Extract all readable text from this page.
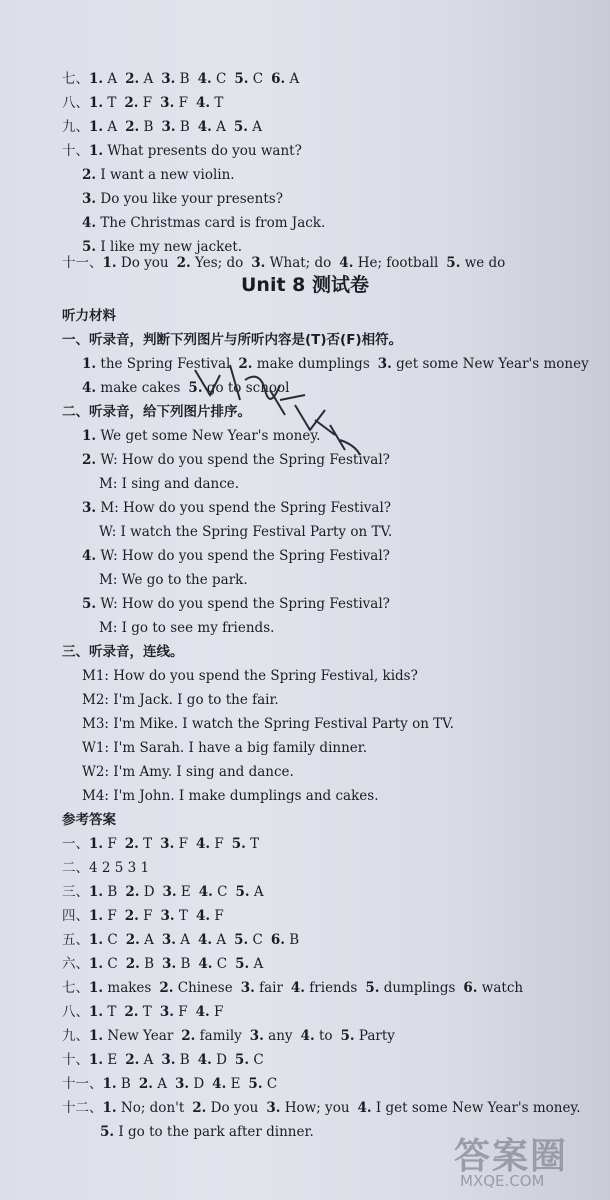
七、1. A 2. A 3. B 4. C 5. C 6. A
八、1. T 2. F 3. F 4. T
九、1. A 2. B 3. B 4. A 5. A
十、1. What presents do you want?
2. I want a new violin.
3. Do you like your presents?
4. The Christmas card is from Jack.
5. I like my new jacket.
十一、1. Do you 2. Yes; do 3. What; do 4. He; football 5. we do
1. the Spring Festival 2. make dumplings 3. get some New Year's money
4. make cakes 5. go to school
1. We get some New Year's money.
2. W: How do you spend the Spring Festival?
M: I sing and dance.
3. M: How do you spend the Spring Festival?
W: I watch the Spring Festival Party on TV.
4. W: How do you spend the Spring Festival?
M: We go to the park.
5. W: How do you spend the Spring Festival?
M: I go to see my friends.
M1: How do you spend the Spring Festival, kids?
M2: I'm Jack. I go to the fair.
M3: I'm Mike. I watch the Spring Festival Party on TV.
W1: I'm Sarah. I have a big family dinner.
W2: I'm Amy. I sing and dance.
M4: I'm John. I make dumplings and cakes.
一、1. F 2. T 3. F 4. F 5. T
二、4 2 5 3 1
三、1. B 2. D 3. E 4. C 5. A
四、1. F 2. F 3. T 4. F
五、1. C 2. A 3. A 4. A 5. C 6. B
六、1. C 2. B 3. B 4. C 5. A
七、1. makes 2. Chinese 3. fair 4. friends 5. dumplings 6. watch
八、1. T 2. T 3. F 4. F
九、1. New Year 2. family 3. any 4. to 5. Party
十、1. E 2. A 3. B 4. D 5. C
十一、1. B 2. A 3. D 4. E 5. C
十二、1. No; don't 2. Do you 3. How; you 4. I get some New Year's money.
5. I go to the park after dinner.
Unit 8 测试卷
听力材料
一、听录音，判断下列图片与所听内容是(T)否(F)相符。
二、听录音，给下列图片排序。
三、听录音，连线。
参考答案
答案圈
MXQE.COM
